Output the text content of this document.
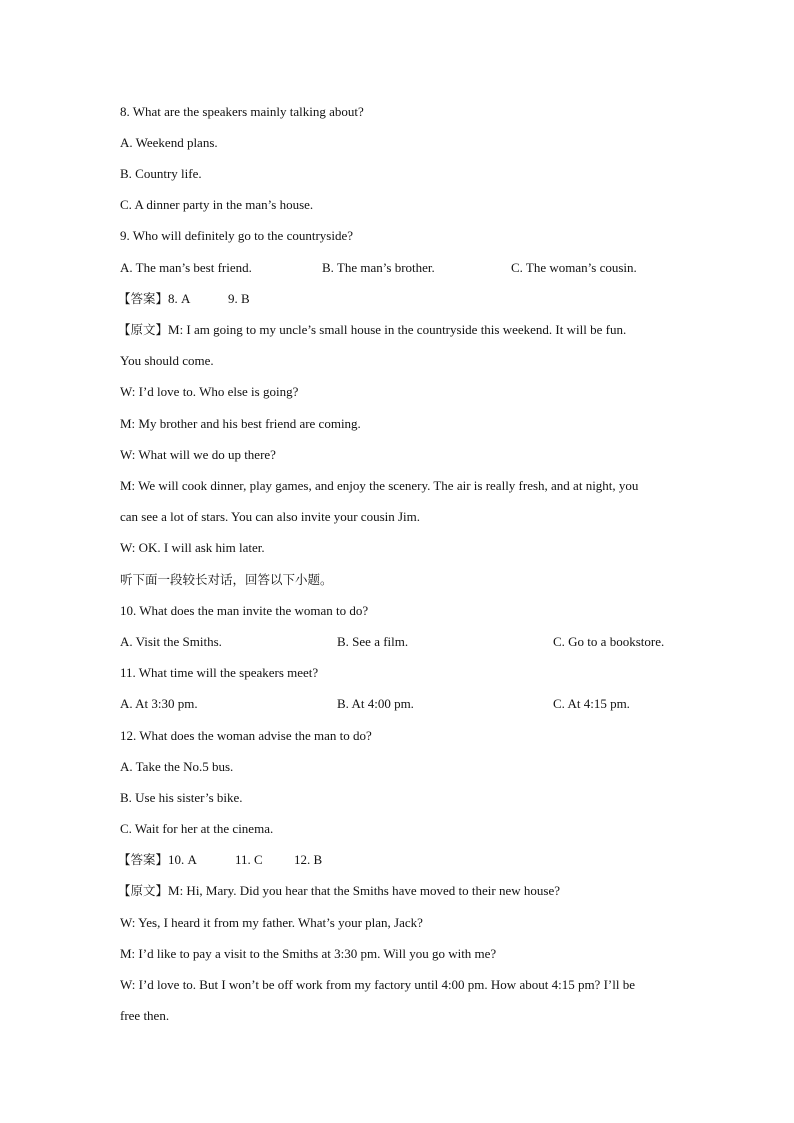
8. What are the speakers mainly talking about?
A. Weekend plans.
B. Country life.
C. A dinner party in the man’s house.
9. Who will definitely go to the countryside?
A. The man’s best friend.	B. The man’s brother.	C. The woman’s cousin.
【答案】8. A	9. B
【原文】M: I am going to my uncle’s small house in the countryside this weekend. It will be fun.
You should come.
W: I’d love to. Who else is going?
M: My brother and his best friend are coming.
W: What will we do up there?
M: We will cook dinner, play games, and enjoy the scenery. The air is really fresh, and at night, you
can see a lot of stars. You can also invite your cousin Jim.
W: OK. I will ask him later.
听下面一段较长对话，回答以下小题。
10. What does the man invite the woman to do?
A. Visit the Smiths.	B. See a film.	C. Go to a bookstore.
11. What time will the speakers meet?
A. At 3:30 pm.	B. At 4:00 pm.	C. At 4:15 pm.
12. What does the woman advise the man to do?
A. Take the No.5 bus.
B. Use his sister’s bike.
C. Wait for her at the cinema.
【答案】10. A	11. C 12. B
【原文】M: Hi, Mary. Did you hear that the Smiths have moved to their new house?
W: Yes, I heard it from my father. What’s your plan, Jack?
M: I’d like to pay a visit to the Smiths at 3:30 pm. Will you go with me?
W: I’d love to. But I won’t be off work from my factory until 4:00 pm. How about 4:15 pm? I’ll be
free then.
